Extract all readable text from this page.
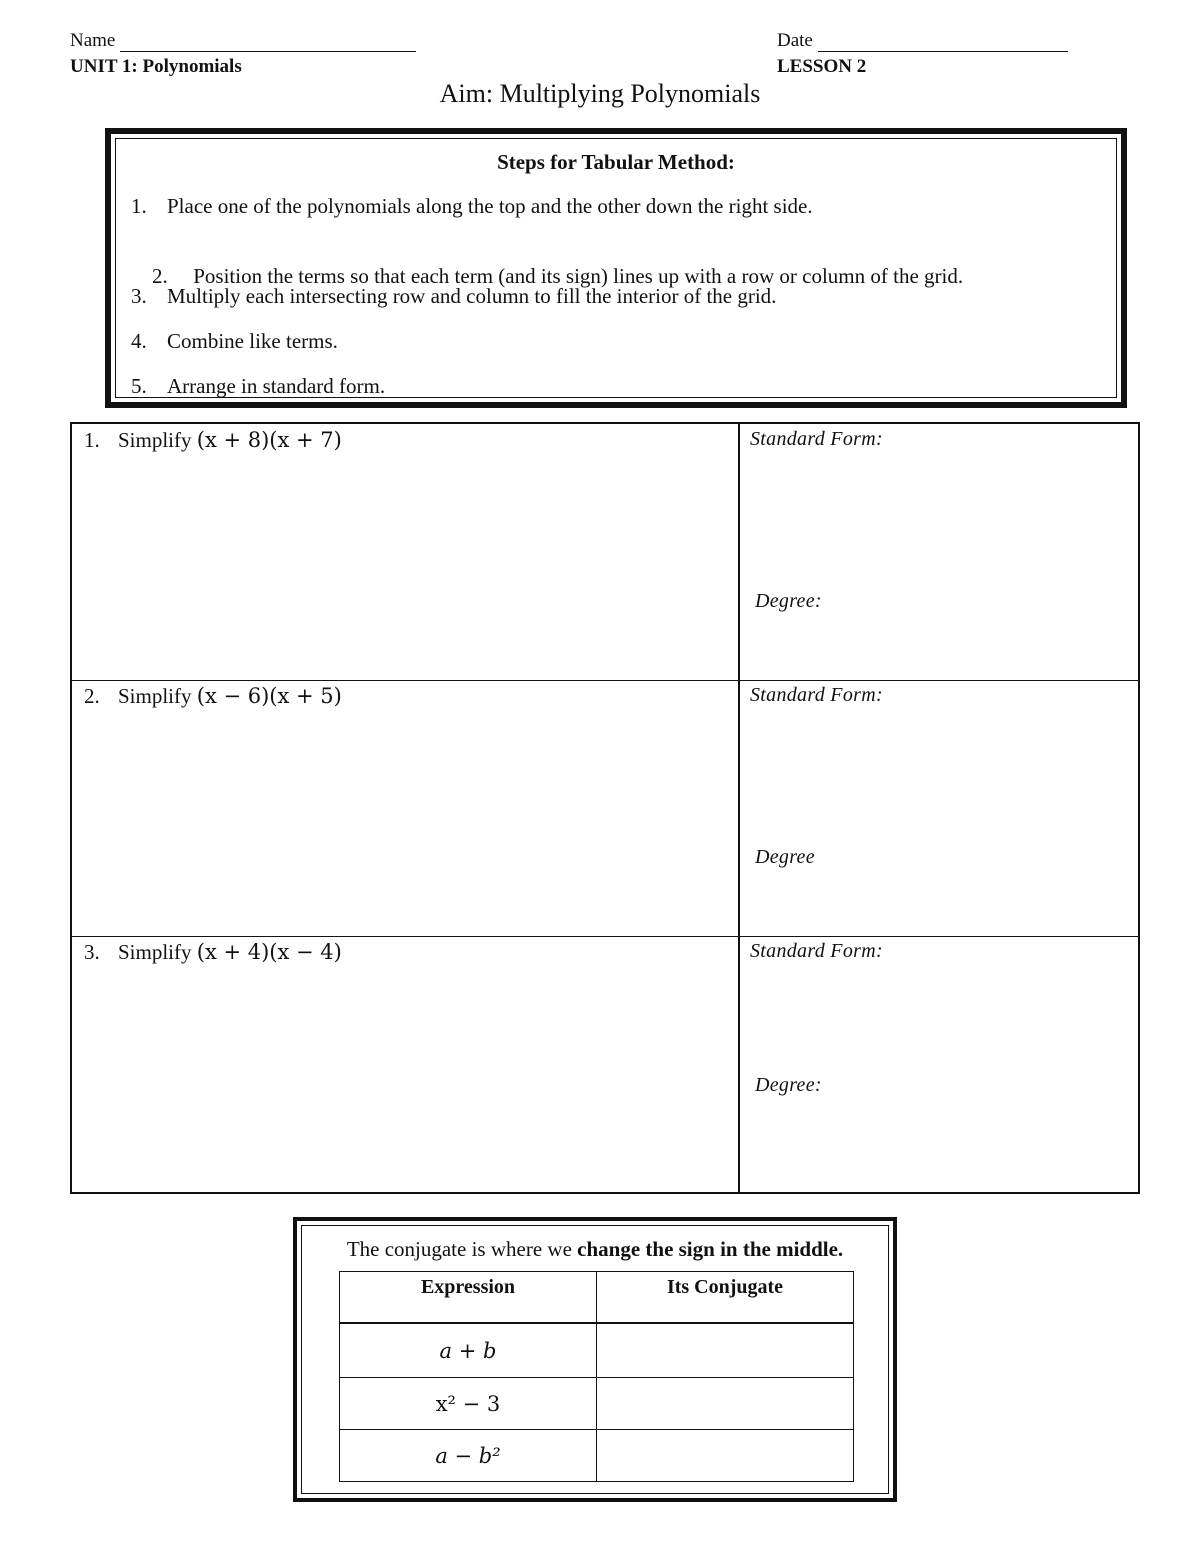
Name	Date
UNIT 1: Polynomials	LESSON 2
Aim: Multiplying Polynomials
Steps for Tabular Method:
1. Place one of the polynomials along the top and the other down the right side.

2. Position the terms so that each term (and its sign) lines up with a row or column of the grid.

3. Multiply each intersecting row and column to fill the interior of the grid.
4. Combine like terms.
5. Arrange in standard form.
1. Simplify (x + 8)(x + 7)	Standard Form:
Degree:
2. Simplify (x − 6)(x + 5)	Standard Form:
Degree
3. Simplify (x + 4)(x − 4)	Standard Form:
Degree:
The conjugate is where we change the sign in the middle.
Expression	Its Conjugate
a + b	
x² − 3	
a − b²	
